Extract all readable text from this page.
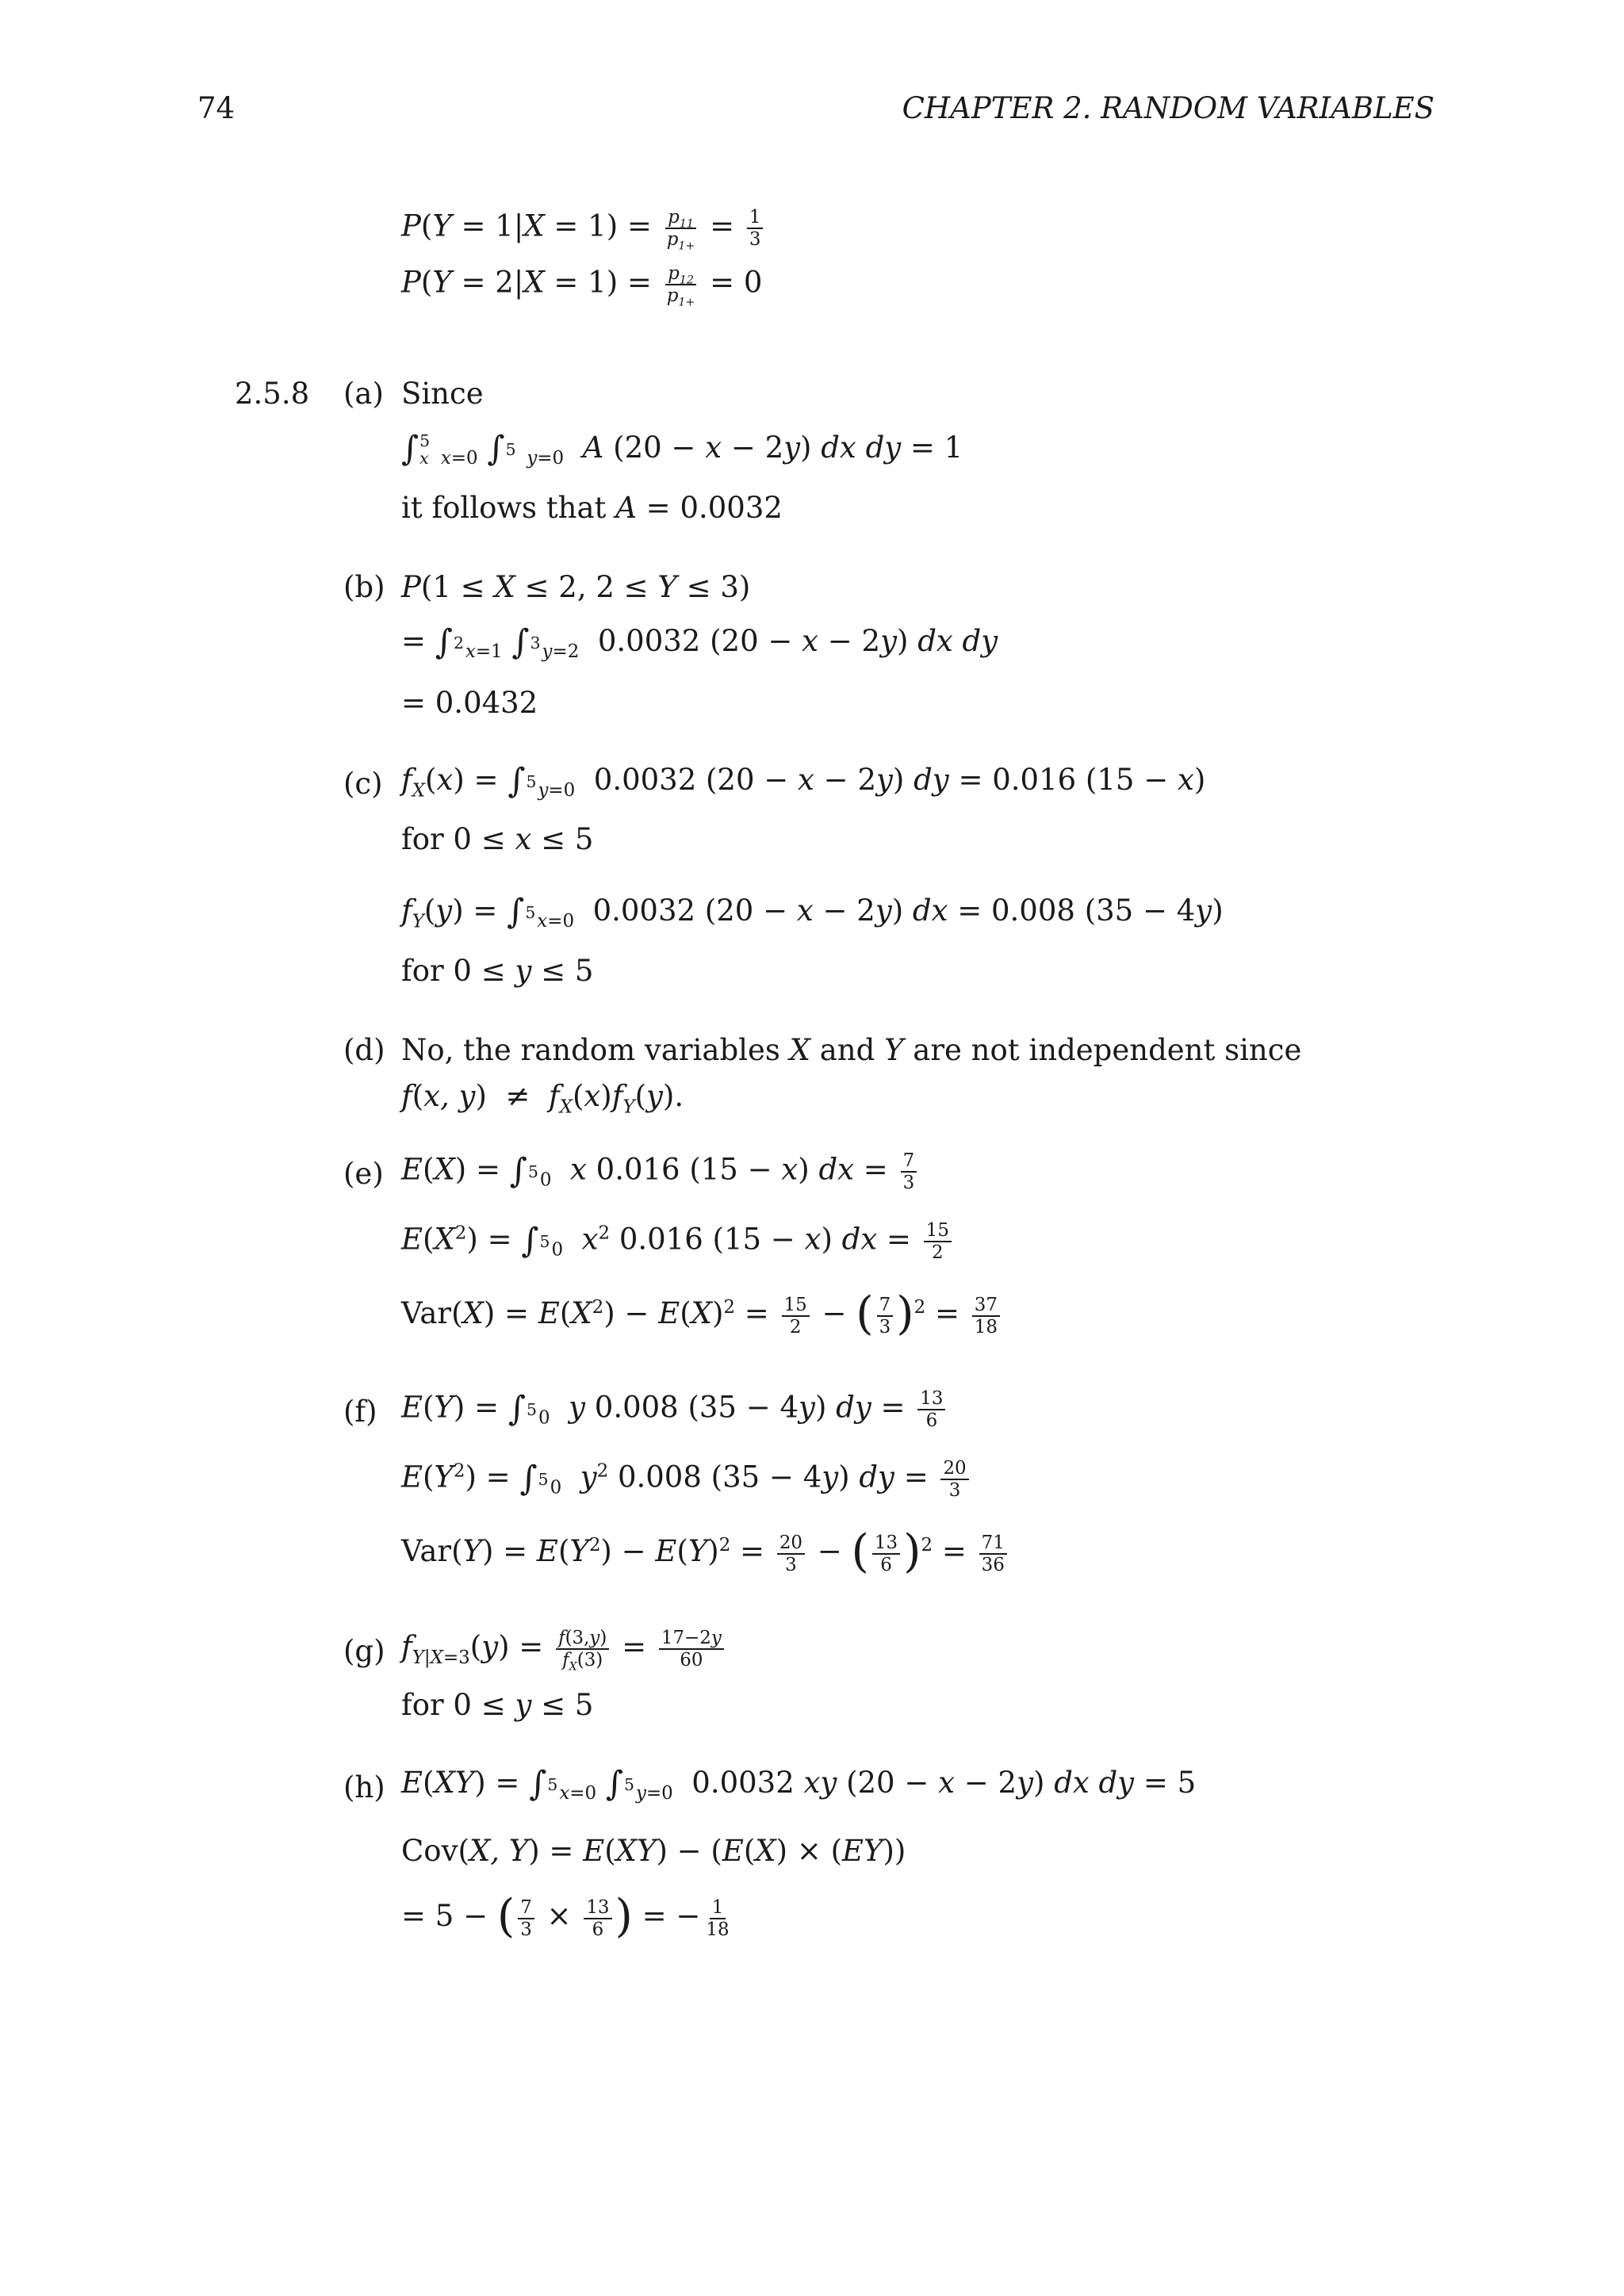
74	CHAPTER 2. RANDOM VARIABLES
$P(Y = 1|X = 1) = \frac{p_{11}}{p_{1+}} = \frac{1}{3}$
$P(Y = 2|X = 1) = \frac{p_{12}}{p_{1+}} = 0$
2.5.8 (a) Since
∫ 5
x $_{x=0}$ ∫ 5 $_{y=0}$ A (20 − x − 2y) dx dy = 1
it follows that A = 0.0032
(b) P(1 ≤ X ≤ 2, 2 ≤ Y ≤ 3)
= ∫ 2 $_{x=1}$ ∫ 3 $_{y=2}$  0.0032 (20 − x − 2y) dx dy
= 0.0432
(c) $f_X(x)$ = ∫ 5 $_{y=0}$  0.0032 (20 − x − 2y) dy = 0.016 (15 − x)
for 0 ≤ x ≤ 5
$f_Y(y)$ = ∫ 5 $_{x=0}$  0.0032 (20 − x − 2y) dx = 0.008 (35 − 4y)
for 0 ≤ y ≤ 5
(d) No, the random variables X and Y are not independent since
f(x, $y) \ne f_X(x)f_Y(y)$.
(e) E(X) = ∫ 5 $_0$ x 0.016 (15 − x) dx = $\frac{7}{3}$
$E(X^2)$ = ∫ 5 $_0$ $x^2$ 0.016 (15 − x) dx = $\frac{15}{2}$
$Var(X) = E(X^2) - E(X)^2 = \frac{15}{2}$ − ( $\frac{7}{3} )^2 = \frac{37}{18}$
(f) E(Y) = ∫ 5 $_0$ y 0.008 (35 − 4y) dy = $\frac{13}{6}$
$E(Y^2)$ = ∫ 5 $_0$ $y^2$ 0.008 (35 − 4y) dy = $\frac{20}{3}$
$Var(Y) = E(Y^2) - E(Y)^2 = \frac{20}{3}$ − ( $\frac{13}{6} )^2 = \frac{71}{36}$
(g) $f_{Y|X=3}(y) = \frac{f(3,y)}{f_X(3)} = \frac{17-2y}{60}$
for 0 ≤ y ≤ 5
(h) E(XY) = ∫ 5 $_{x=0}$ ∫ 5 $_{y=0}$  0.0032 xy (20 − x − 2y) dx dy = 5
Cov(X, Y) = E(XY) − (E(X) × (EY))
= 5 − ( $\frac{7}{3} \times \frac{13}{6}$ ) = − $\frac{1}{18}$
